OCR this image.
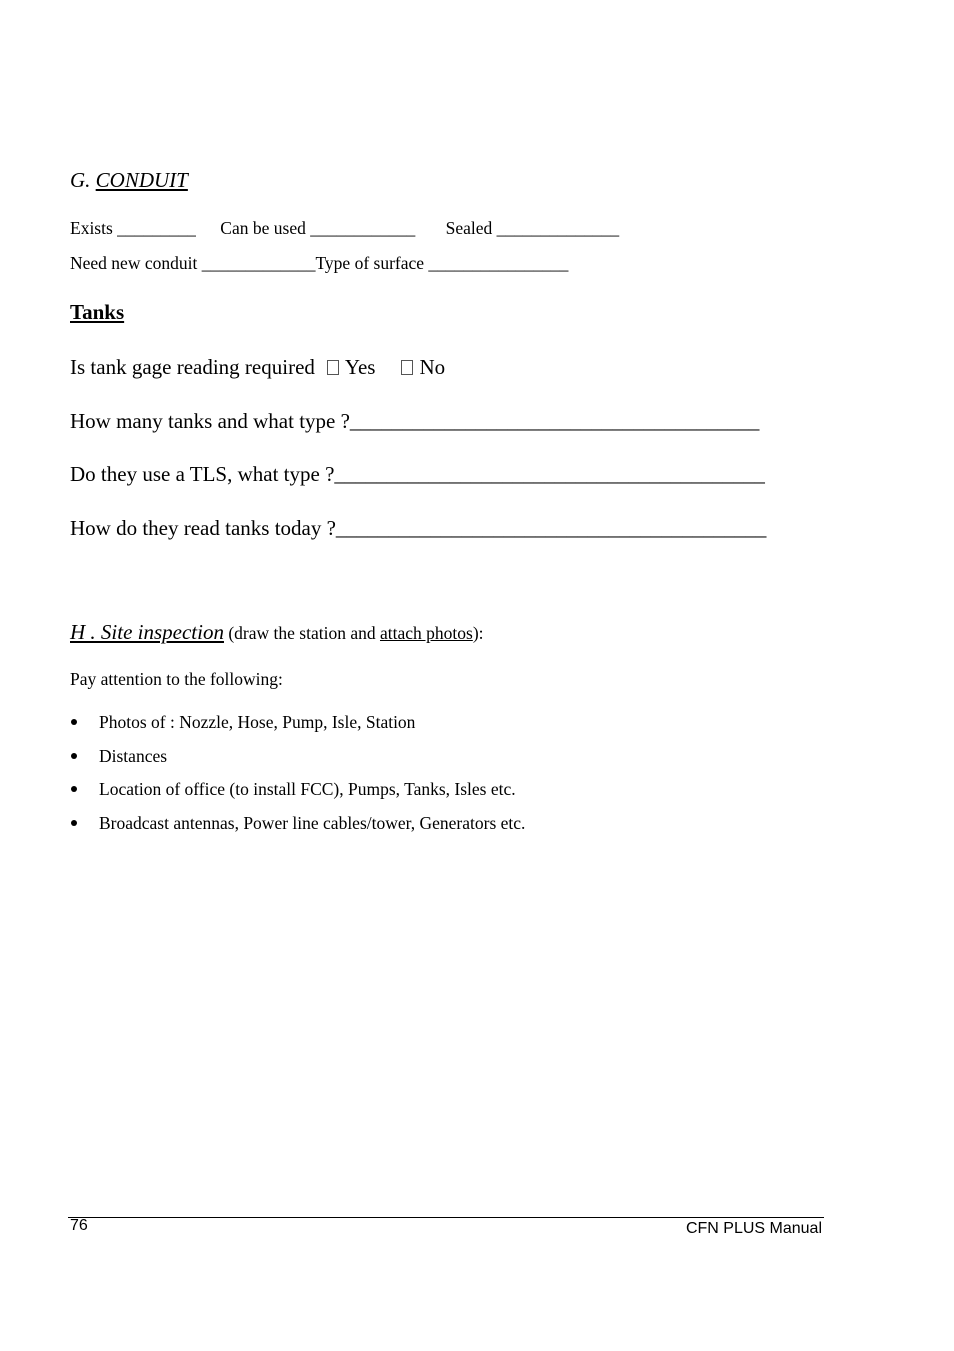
G. CONDUIT
Exists _________ Can be used ____________ Sealed ______________
Need new conduit _____________Type of surface ________________
Tanks
Is tank gage reading required Yes No
How many tanks and what type ?_______________________________________
Do they use a TLS, what type ?_________________________________________
How do they read tanks today ?_________________________________________
H . Site inspection (draw the station and attach photos):
Pay attention to the following:
Photos of : Nozzle, Hose, Pump, Isle, Station
Distances
Location of office (to install FCC), Pumps, Tanks, Isles etc.
Broadcast antennas, Power line cables/tower, Generators etc.
76	CFN PLUS Manual
